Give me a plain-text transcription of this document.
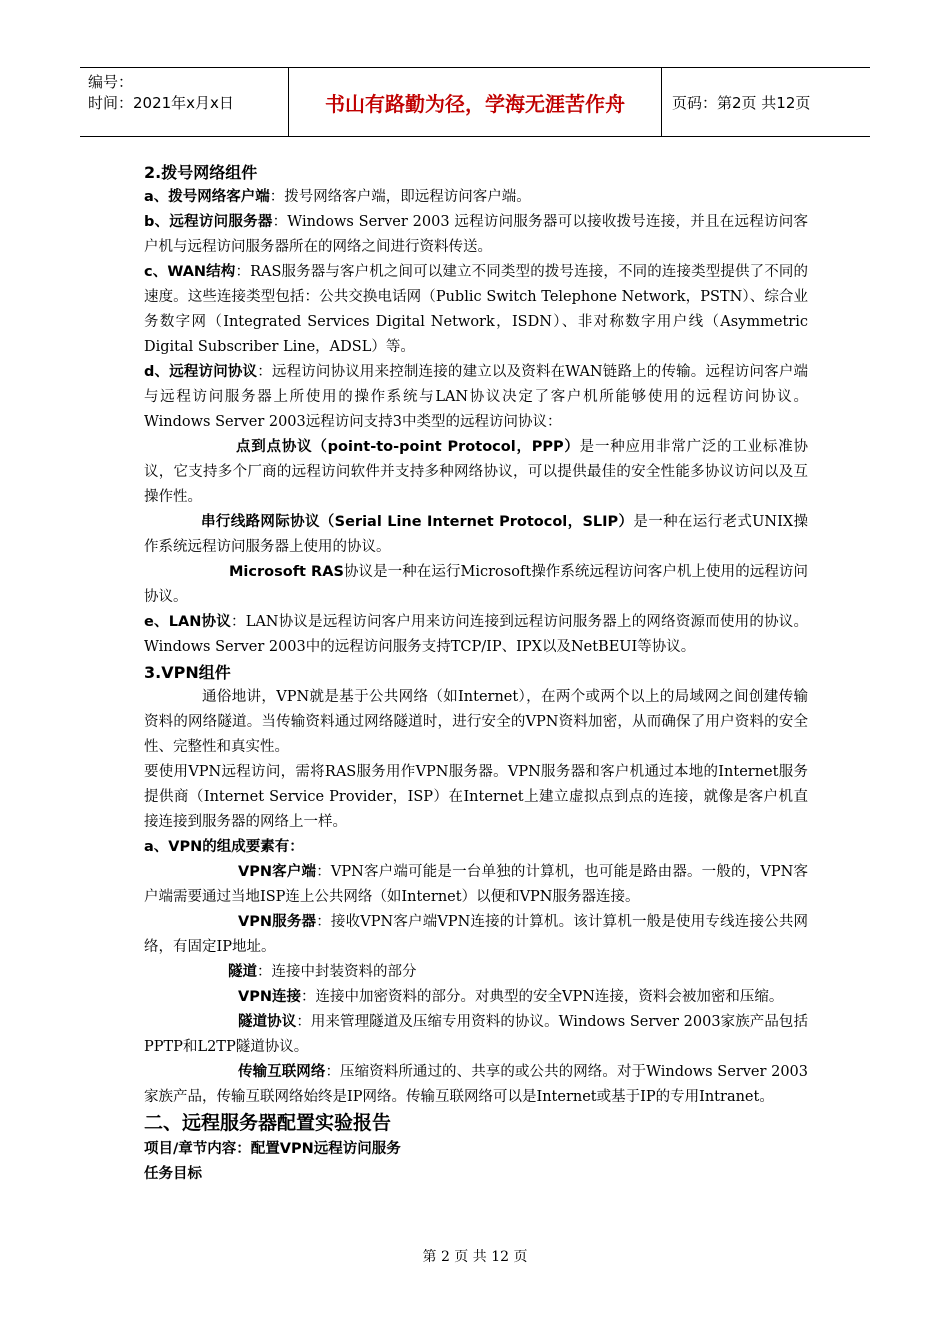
编号：
时间：2021年x月x日	书山有路勤为径，学海无涯苦作舟	页码：第2页 共12页

2.拨号网络组件

a、拨号网络客户端：拨号网络客户端，即远程访问客户端。

b、远程访问服务器：Windows Server 2003 远程访问服务器可以接收拨号连接，并且在远程访问客户机与远程访问服务器所在的网络之间进行资料传送。

c、WAN结构：RAS服务器与客户机之间可以建立不同类型的拨号连接，不同的连接类型提供了不同的速度。这些连接类型包括：公共交换电话网（Public Switch Telephone Network，PSTN）、综合业务数字网（Integrated Services Digital Network，ISDN）、非对称数字用户线（Asymmetric Digital Subscriber Line，ADSL）等。

d、远程访问协议：远程访问协议用来控制连接的建立以及资料在WAN链路上的传输。远程访问客户端与远程访问服务器上所使用的操作系统与LAN协议决定了客户机所能够使用的远程访问协议。Windows Server 2003远程访问支持3中类型的远程访问协议：

点到点协议（point-to-point Protocol，PPP）是一种应用非常广泛的工业标准协议，它支持多个厂商的远程访问软件并支持多种网络协议，可以提供最佳的安全性能多协议访问以及互操作性。

串行线路网际协议（Serial Line Internet Protocol，SLIP）是一种在运行老式UNIX操作系统远程访问服务器上使用的协议。

Microsoft RAS协议是一种在运行Microsoft操作系统远程访问客户机上使用的远程访问协议。

e、LAN协议：LAN协议是远程访问客户用来访问连接到远程访问服务器上的网络资源而使用的协议。Windows Server 2003中的远程访问服务支持TCP/IP、IPX以及NetBEUI等协议。

3.VPN组件

通俗地讲，VPN就是基于公共网络（如Internet），在两个或两个以上的局域网之间创建传输资料的网络隧道。当传输资料通过网络隧道时，进行安全的VPN资料加密，从而确保了用户资料的安全性、完整性和真实性。

要使用VPN远程访问，需将RAS服务用作VPN服务器。VPN服务器和客户机通过本地的Internet服务提供商（Internet Service Provider，ISP）在Internet上建立虚拟点到点的连接，就像是客户机直接连接到服务器的网络上一样。

a、VPN的组成要素有：

VPN客户端：VPN客户端可能是一台单独的计算机，也可能是路由器。一般的，VPN客户端需要通过当地ISP连上公共网络（如Internet）以便和VPN服务器连接。

VPN服务器：接收VPN客户端VPN连接的计算机。该计算机一般是使用专线连接公共网络，有固定IP地址。

隧道：连接中封装资料的部分

VPN连接：连接中加密资料的部分。对典型的安全VPN连接，资料会被加密和压缩。

隧道协议：用来管理隧道及压缩专用资料的协议。Windows Server 2003家族产品包括PPTP和L2TP隧道协议。

传输互联网络：压缩资料所通过的、共享的或公共的网络。对于Windows Server 2003家族产品，传输互联网络始终是IP网络。传输互联网络可以是Internet或基于IP的专用Intranet。

二、远程服务器配置实验报告

项目/章节内容：配置VPN远程访问服务

任务目标

第 2 页 共 12 页
